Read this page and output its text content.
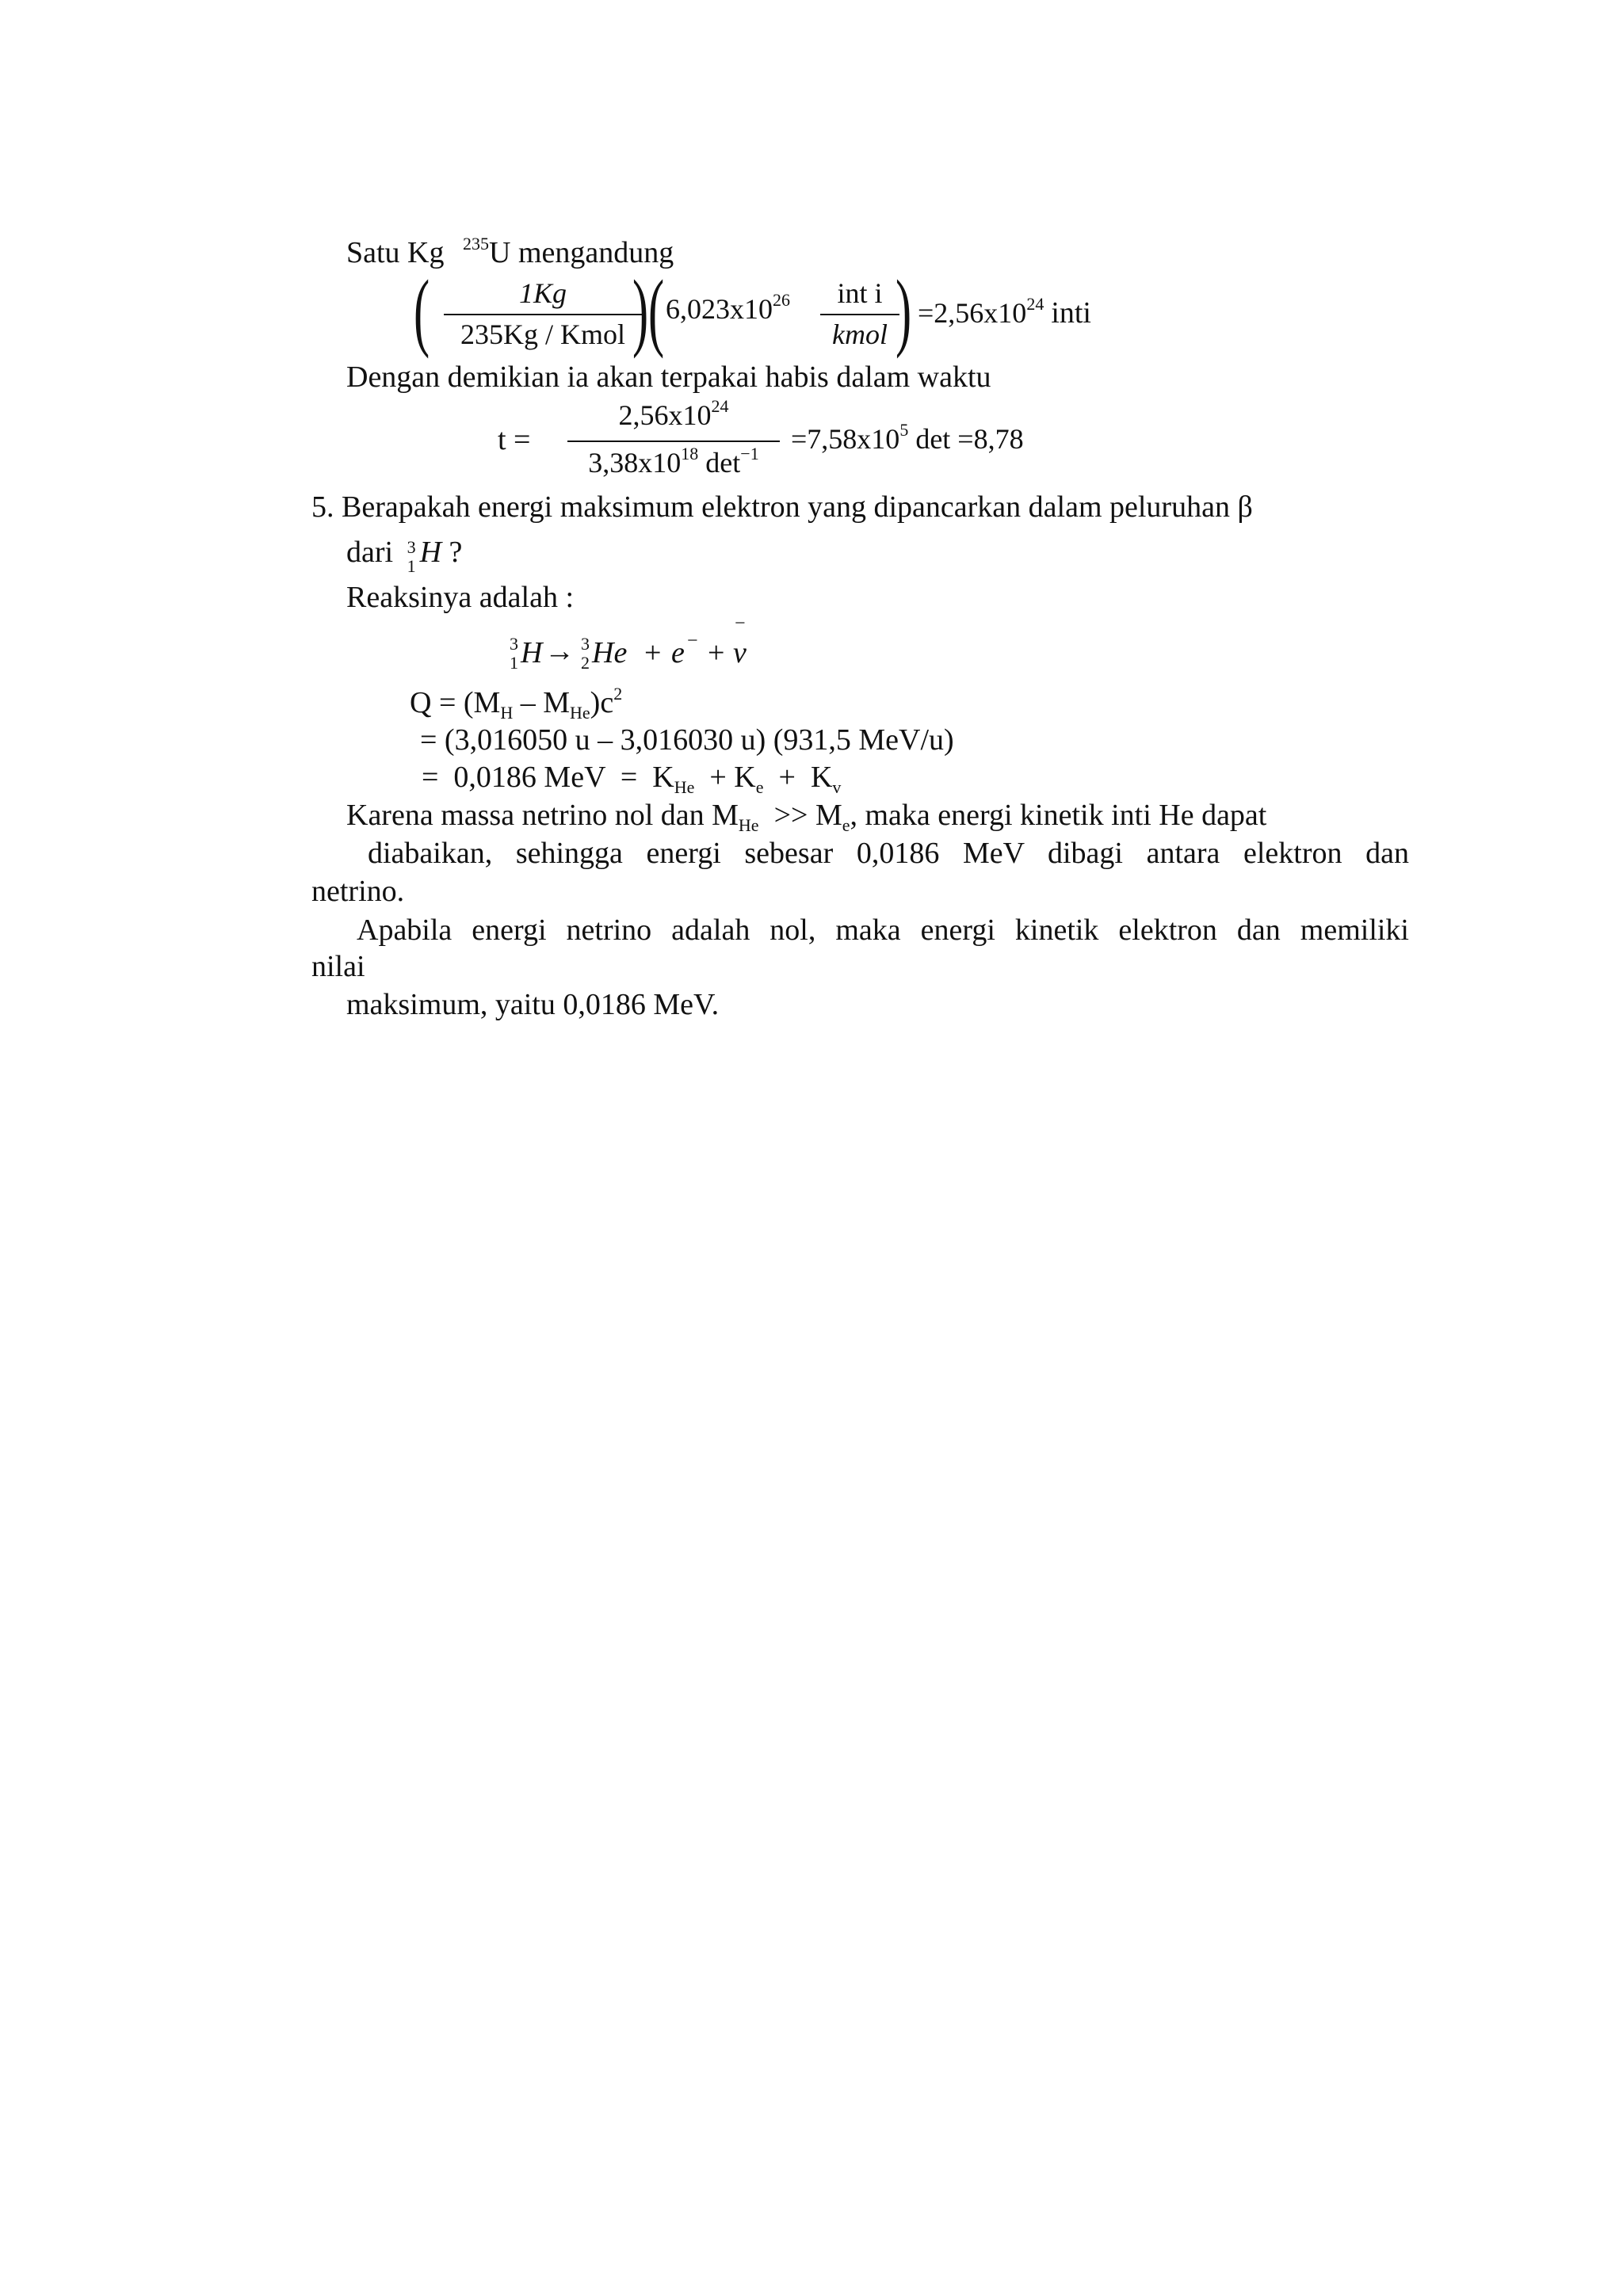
Satu Kg $^{235}$U mengandung
(	1Kg
235Kg / Kmol ) ( $6,023x10^{26}$	int i
kmol ) $=2,56x10^{24}$ inti
Dengan demikian ia akan terpakai habis dalam waktu
t =
$2,56x10^{24}$
$3,38x10^{18}$ $\det^{-1}$	$=7,58x10^5$ det =8,78
5. Berapakah energi maksimum elektron yang dipancarkan dalam peluruhan β
dari 3
1 H ?
Reaksinya adalah :
3
1 H → 3
2 He + e − +
−
v
$Q = (M_H - M_{He})c^2$
= (3,016050 u – 3,016030 u) (931,5 MeV/u)
=  0,0186 MeV  =  $K_{He} + K_e + K_v$
Karena massa netrino nol dan $M_{He} >> M_e$, maka energi kinetik inti He dapat
diabaikan, sehingga energi sebesar 0,0186 MeV dibagi antara elektron dan
netrino.
Apabila energi netrino adalah nol, maka energi kinetik elektron dan memiliki
nilai
maksimum, yaitu 0,0186 MeV.
